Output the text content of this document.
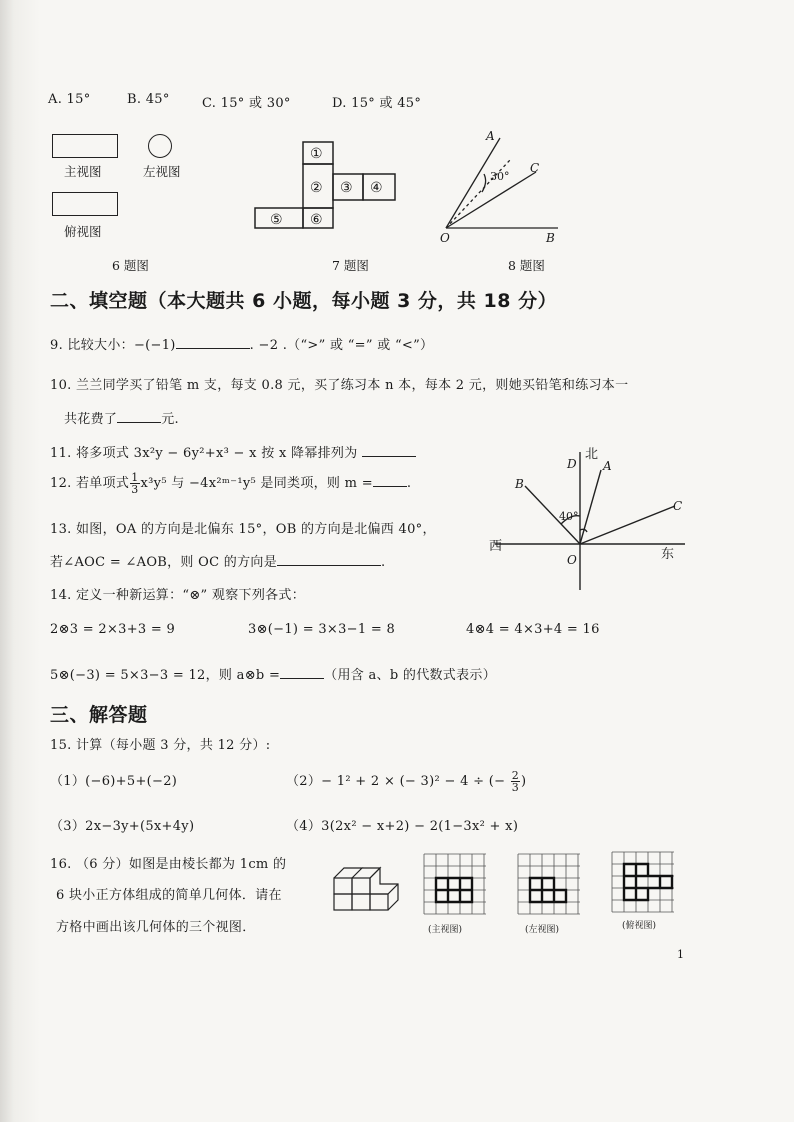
A. 15°	B. 45° C. 15° 或 30°	D. 15° 或 45°
主视图	左视图
俯视图
6 题图
①
② ③ ④
⑤ ⑥
7 题图
A
C
O	B
30°
8 题图
二、填空题（本大题共 6 小题，每小题 3 分，共 18 分）
9. 比较大小：−(−1)	. −2 .（“>” 或 “=” 或 “<”）
10. 兰兰同学买了铅笔 m 支，每支 0.8 元，买了练习本 n 本，每本 2 元，则她买铅笔和练习本一
共花费了	元.
11. 将多项式 3x²y − 6y²+x³ − x 按 x 降幂排列为
12. 若单项式 $\frac{1}{3} x^3y^5$ 与 −4x²ᵐ⁻¹y⁵ 是同类项，则 m =	.
13. 如图，OA 的方向是北偏东 15°，OB 的方向是北偏西 40°，
若∠AOC = ∠AOB，则 OC 的方向是	.
北
D A
B
C
O
西
东
40°
14. 定义一种新运算：“⊗” 观察下列各式：
2⊗3 = 2×3+3 = 9	3⊗(−1) = 3×3−1 = 8	4⊗4 = 4×3+4 = 16
5⊗(−3) = 5×3−3 = 12，则 a⊗b =	（用含 a、b 的代数式表示）
三、解答题
15. 计算（每小题 3 分，共 12 分）:
（1）(−6)+5+(−2)	（2）− 1² + 2 × (− 3)² − 4 ÷ (− $\frac{2}{3}$ )
（3）2x−3y+(5x+4y)	（4）3(2x² − x+2) − 2(1−3x² + x)
16. （6 分）如图是由棱长都为 1cm 的
6 块小正方体组成的简单几何体．请在
方格中画出该几何体的三个视图．	(主视图)	(左视图)	(俯视图)
1
